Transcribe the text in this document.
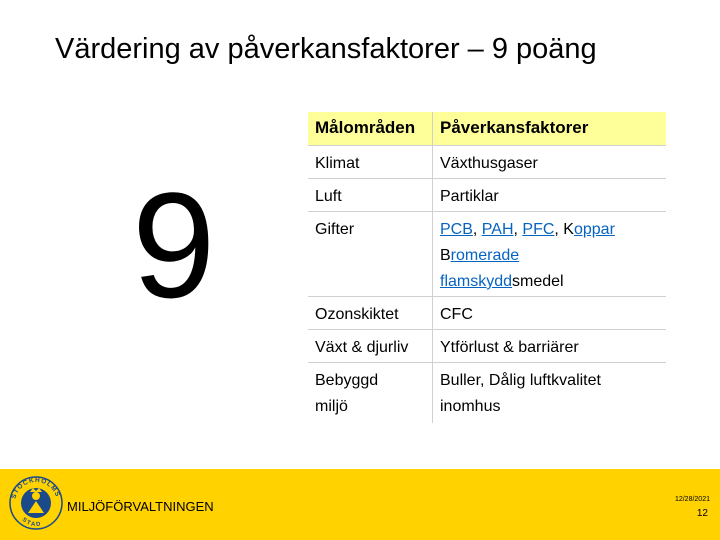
Värdering av påverkansfaktorer – 9 poäng
9
Målområden	Påverkansfaktorer
Klimat	Växthusgaser
Luft	Partiklar
Gifter	PCB, PAH, PFC, Koppar
Bromerade
flamskyddsmedel
Ozonskiktet	CFC
Växt & djurliv	Ytförlust & barriärer
Bebyggd
miljö	Buller, Dålig luftkvalitet
inomhus
STOCKHOLMS
STAD
MILJÖFÖRVALTNINGEN	12/28/2021
12
